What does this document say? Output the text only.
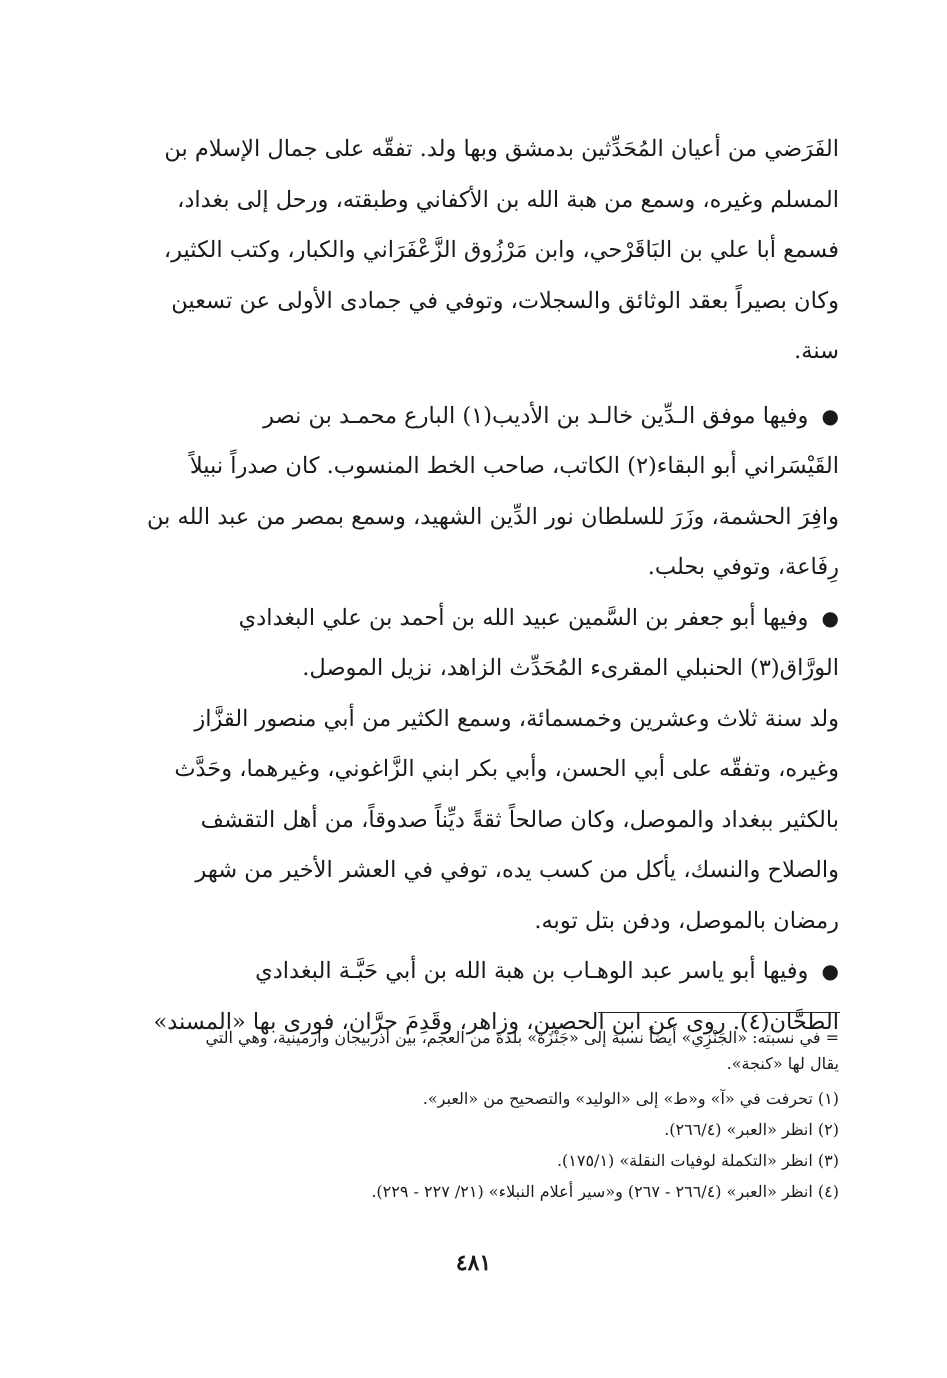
الفَرَضي من أعيان المُحَدِّثين بدمشق وبها ولد. تفقّه على جمال الإسلام بن
المسلم وغيره، وسمع من هبة الله بن الأكفاني وطبقته، ورحل إلى بغداد،
فسمع أبا علي بن البَاقَرْحي، وابن مَرْزُوق الزَّعْفَرَاني والكبار، وكتب الكثير،
وكان بصيراً بعقد الوثائق والسجلات، وتوفي في جمادى الأولى عن تسعين
سنة.

● وفيها موفق الـدِّين خالـد بن الأديب(١) البارع محمـد بن نصر
القَيْسَراني أبو البقاء(٢) الكاتب، صاحب الخط المنسوب. كان صدراً نبيلاً
وافِرَ الحشمة، وزَرَ للسلطان نور الدِّين الشهيد، وسمع بمصر من عبد الله بن
رِفَاعة، وتوفي بحلب.

● وفيها أبو جعفر بن السَّمين عبيد الله بن أحمد بن علي البغدادي
الورَّاق(٣) الحنبلي المقرىء المُحَدِّث الزاهد، نزيل الموصل.

ولد سنة ثلاث وعشرين وخمسمائة، وسمع الكثير من أبي منصور القزَّاز
وغيره، وتفقّه على أبي الحسن، وأبي بكر ابني الزَّاغوني، وغيرهما، وحَدَّث
بالكثير ببغداد والموصل، وكان صالحاً ثقةً ديِّناً صدوقاً، من أهل التقشف
والصلاح والنسك، يأكل من كسب يده، توفي في العشر الأخير من شهر
رمضان بالموصل، ودفن بتل توبه.

● وفيها أبو ياسر عبد الوهـاب بن هبة الله بن أبي حَبَّـة البغدادي
الطحَّان(٤). روى عن ابن الحصين، وزاهر، وقَدِمَ حرَّان، فورى بها «المسند»

= في نسبته: «الجَنْزِي» أيضاً نسبة إلى «جَنْزَة» بلدة من العجم، بين أذربيجان وارمينية، وهي التي

يقال لها «كنجة».

(١) تحرفت في «آ» و«ط» إلى «الوليد» والتصحيح من «العبر».

(٢) انظر «العبر» (٢٦٦/٤).

(٣) انظر «التكملة لوفيات النقلة» (١٧٥/١).

(٤) انظر «العبر» (٢٦٦/٤ - ٢٦٧) و«سير أعلام النبلاء» (٢١/ ٢٢٧ - ٢٢٩).

٤٨١
